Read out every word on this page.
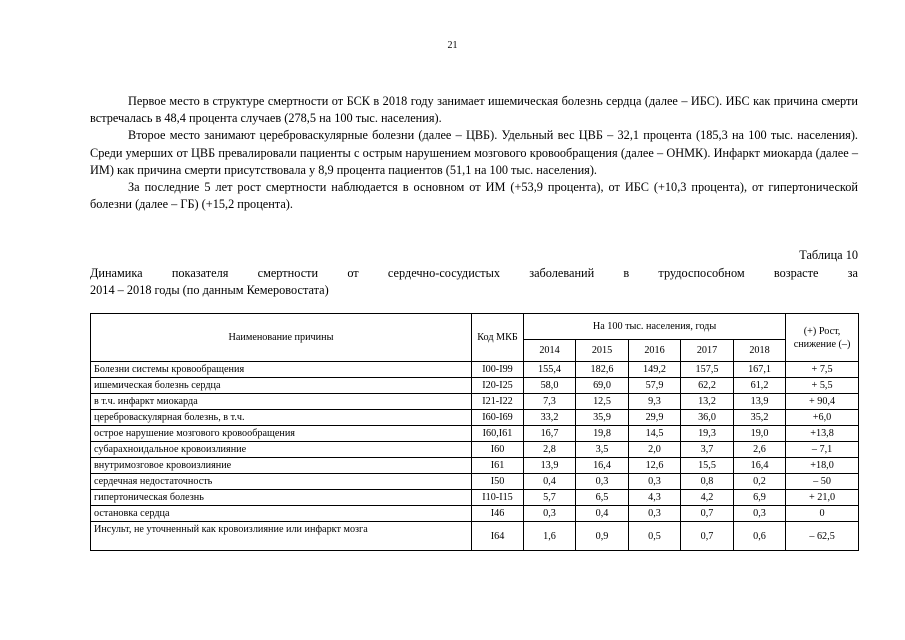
21

Первое место в структуре смертности от БСК в 2018 году занимает ишемическая болезнь сердца (далее – ИБС). ИБС как причина смерти встречалась в 48,4 процента случаев (278,5 на 100 тыс. населения).

Второе место занимают цереброваскулярные болезни (далее – ЦВБ). Удельный вес ЦВБ – 32,1 процента (185,3 на 100 тыс. населения). Среди умерших от ЦВБ превалировали пациенты с острым нарушением мозгового кровообращения (далее – ОНМК). Инфаркт миокарда (далее – ИМ) как причина смерти присутствовала у 8,9 процента пациентов (51,1 на 100 тыс. населения).

За последние 5 лет рост смертности наблюдается в основном от ИМ (+53,9 процента), от ИБС (+10,3 процента), от гипертонической болезни (далее – ГБ) (+15,2 процента).

Таблица 10
Динамика показателя смертности от сердечно-сосудистых заболеваний в трудоспособном возрасте за
2014 – 2018 годы (по данным Кемеровостата)
Наименование причины	Код МКБ	На 100 тыс. населения, годы					(+) Рост, снижение (–)
		2014	2015	2016	2017	2018	
Болезни системы кровообращения	I00-I99	155,4	182,6	149,2	157,5	167,1	+ 7,5
ишемическая болезнь сердца	I20-I25	58,0	69,0	57,9	62,2	61,2	+ 5,5
в т.ч. инфаркт миокарда	I21-I22	7,3	12,5	9,3	13,2	13,9	+ 90,4
цереброваскулярная болезнь, в т.ч.	I60-I69	33,2	35,9	29,9	36,0	35,2	+6,0
острое нарушение мозгового кровообращения	I60,I61	16,7	19,8	14,5	19,3	19,0	+13,8
субарахноидальное кровоизлияние	I60	2,8	3,5	2,0	3,7	2,6	– 7,1
внутримозговое кровоизлияние	I61	13,9	16,4	12,6	15,5	16,4	+18,0
сердечная недостаточность	I50	0,4	0,3	0,3	0,8	0,2	– 50
гипертоническая болезнь	I10-I15	5,7	6,5	4,3	4,2	6,9	+ 21,0
остановка сердца	I46	0,3	0,4	0,3	0,7	0,3	0
Инсульт, не уточненный как кровоизлияние или инфаркт мозга	I64	1,6	0,9	0,5	0,7	0,6	– 62,5
